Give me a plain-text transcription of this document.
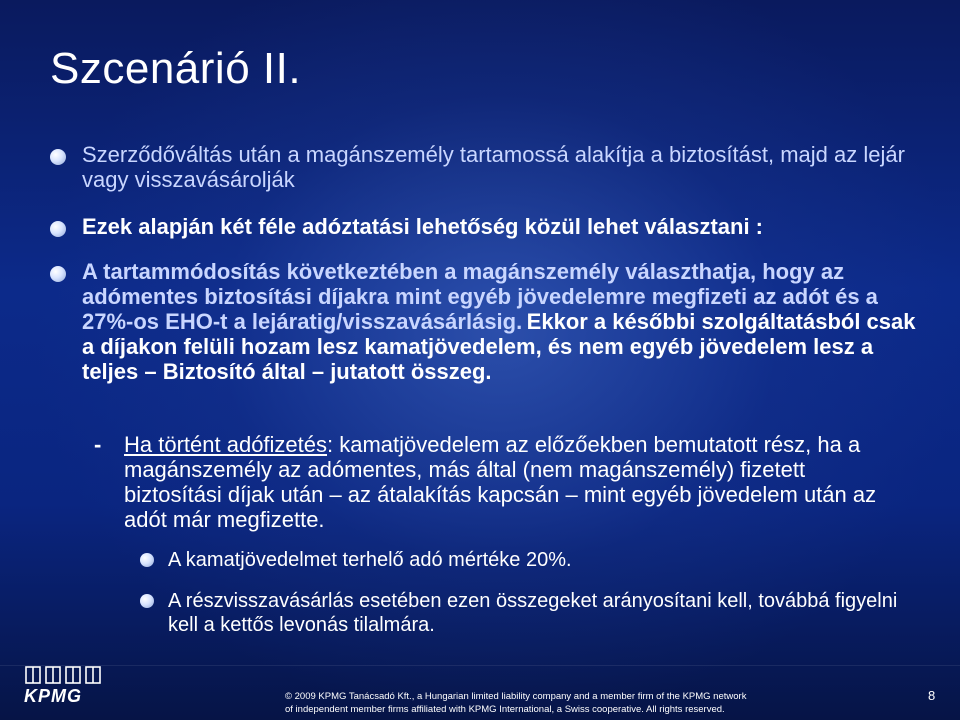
Szcenárió II.
Szerződőváltás után a magánszemély tartamossá alakítja a biztosítást, majd az lejár vagy visszavásárolják
Ezek alapján két féle adóztatási lehetőség közül lehet választani :
A tartammódosítás következtében a magánszemély választhatja, hogy az adómentes biztosítási díjakra mint egyéb jövedelemre megfizeti az adót és a 27%-os EHO-t a lejáratig/visszavásárlásig. Ekkor a későbbi szolgáltatásból csak a díjakon felüli hozam lesz kamatjövedelem, és nem egyéb jövedelem lesz a teljes – Biztosító által – jutatott összeg.
-	Ha történt adófizetés: kamatjövedelem az előzőekben bemutatott rész, ha a magánszemély az adómentes, más által (nem magánszemély) fizetett biztosítási díjak után – az átalakítás kapcsán – mint egyéb jövedelem után az adót már megfizette.
A kamatjövedelmet terhelő adó mértéke 20%.
A részvisszavásárlás esetében ezen összegeket arányosítani kell, továbbá figyelni kell a kettős levonás tilalmára.
KPMG	© 2009 KPMG Tanácsadó Kft., a Hungarian limited liability company and a member firm of the KPMG network
of independent member firms affiliated with KPMG International, a Swiss cooperative. All rights reserved.
8
